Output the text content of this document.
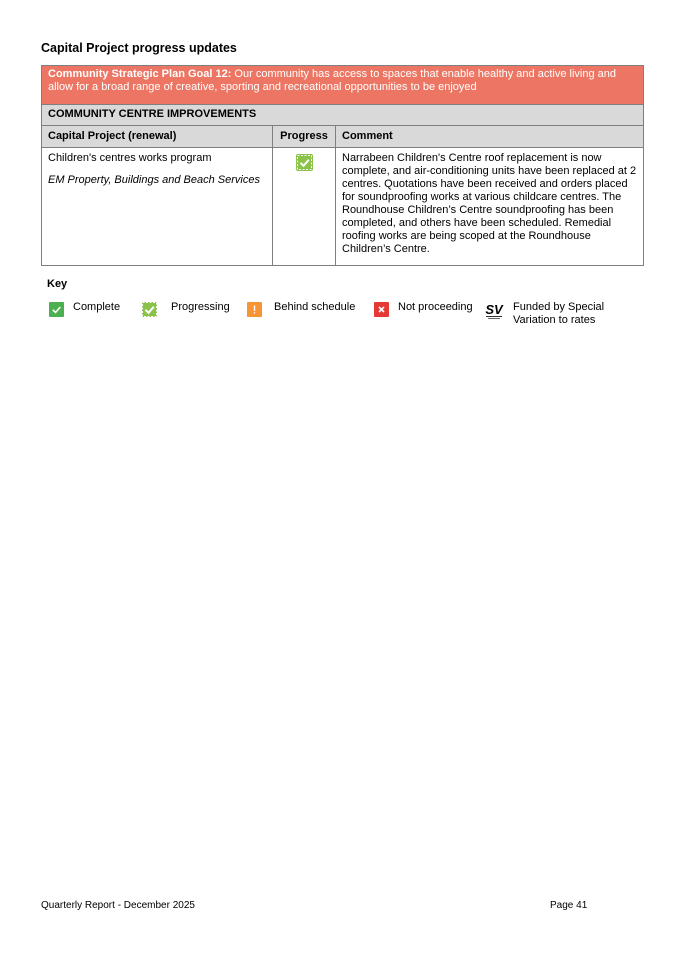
Capital Project progress updates
Community Strategic Plan Goal 12: Our community has access to spaces that enable healthy and active living and allow for a broad range of creative, sporting and recreational opportunities to be enjoyed		
COMMUNITY CENTRE IMPROVEMENTS		
Capital Project (renewal)	Progress	Comment

Children's centres works program
EM Property, Buildings and Beach Services		Narrabeen Children's Centre roof replacement is now complete, and air-conditioning units have been replaced at 2 centres. Quotations have been received and orders placed for soundproofing works at various childcare centres. The Roundhouse Children’s Centre soundproofing has been completed, and others have been scheduled. Remedial roofing works are being scoped at the Roundhouse Children’s Centre.
Key
Complete	Progressing	Behind schedule	Not proceeding SV Funded by Special Variation to rates
Quarterly Report - December 2025	Page 41
